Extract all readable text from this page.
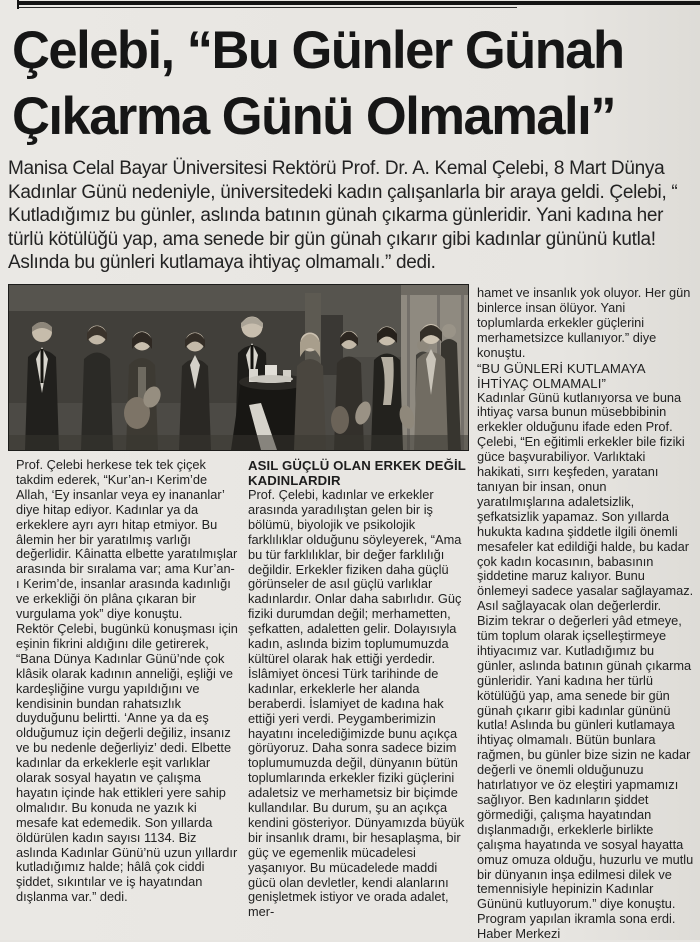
Çelebi, “Bu Günler Günah
Çıkarma Günü Olmamalı”

Manisa Celal Bayar Üniversitesi Rektörü Prof. Dr. A. Kemal Çelebi, 8 Mart Dünya Kadınlar Günü nedeniyle, üniversitedeki kadın çalışanlarla bir araya geldi. Çelebi, “ Kutladığımız bu günler, aslında batının günah çıkarma günleridir. Yani kadına her türlü kötülüğü yap, ama senede bir gün günah çıkarır gibi kadınlar gününü kutla! Aslında bu günleri kutlamaya ihtiyaç olmamalı.” dedi.

Prof. Çelebi herkese tek tek çiçek takdim ederek, “Kur’an-ı Kerim’de Allah, ‘Ey insanlar veya ey inananlar’ diye hitap ediyor. Kadınlar ya da erkeklere ayrı ayrı hitap etmiyor. Bu âlemin her bir yaratılmış varlığı değerlidir. Kâinatta elbette yaratılmışlar arasında bir sıralama var; ama Kur’an-ı Kerim’de, insanlar arasında kadınlığı ve erkekliği ön plâna çıkaran bir vurgulama yok” diye konuştu.

Rektör Çelebi, bugünkü konuşması için eşinin fikrini aldığını dile getirerek, “Bana Dünya Kadınlar Günü’nde çok klâsik olarak kadının anneliği, eşliği ve kardeşliğine vurgu yapıldığını ve kendisinin bundan rahatsızlık duyduğunu belirtti. ‘Anne ya da eş olduğumuz için değerli değiliz, insanız ve bu nedenle değerliyiz’ dedi. Elbette kadınlar da erkeklerle eşit varlıklar olarak sosyal hayatın ve çalışma hayatın içinde hak ettikleri yere sahip olmalıdır. Bu konuda ne yazık ki mesafe kat edemedik. Son yıllarda öldürülen kadın sayısı 1134. Biz aslında Kadınlar Günü’nü uzun yıllardır kutladığımız halde; hâlâ çok ciddi şiddet, sıkıntılar ve iş hayatından dışlanma var.” dedi.

ASIL GÜÇLÜ OLAN ERKEK DEĞİL KADINLARDIR

Prof. Çelebi, kadınlar ve erkekler arasında yaradılıştan gelen bir iş bölümü, biyolojik ve psikolojik farklılıklar olduğunu söyleyerek, “Ama bu tür farklılıklar, bir değer farklılığı değildir. Erkekler fiziken daha güçlü görünseler de asıl güçlü varlıklar kadınlardır. Onlar daha sabırlıdır. Güç fiziki durumdan değil; merhametten, şefkatten, adaletten gelir. Dolayısıyla kadın, aslında bizim toplumumuzda kültürel olarak hak ettiği yerdedir. İslâmiyet öncesi Türk tarihinde de kadınlar, erkeklerle her alanda beraberdi. İslamiyet de kadına hak ettiği yeri verdi. Peygamberimizin hayatını incelediğimizde bunu açıkça görüyoruz. Daha sonra sadece bizim toplumumuzda değil, dünyanın bütün toplumlarında erkekler fiziki güçlerini adaletsiz ve merhametsiz bir biçimde kullandılar. Bu durum, şu an açıkça kendini gösteriyor. Dünyamızda büyük bir insanlık dramı, bir hesaplaşma, bir güç ve egemenlik mücadelesi yaşanıyor. Bu mücadelede maddi gücü olan devletler, kendi alanlarını genişletmek istiyor ve orada adalet, mer-

hamet ve insanlık yok oluyor. Her gün binlerce insan ölüyor. Yani toplumlarda erkekler güçlerini merhametsizce kullanıyor.” diye konuştu.

“BU GÜNLERİ KUTLAMAYA İHTİYAÇ OLMAMALI”

Kadınlar Günü kutlanıyorsa ve buna ihtiyaç varsa bunun müsebbibinin erkekler olduğunu ifade eden Prof. Çelebi, “En eğitimli erkekler bile fiziki güce başvurabiliyor. Varlıktaki hakikati, sırrı keşfeden, yaratanı tanıyan bir insan, onun yaratılmışlarına adaletsizlik, şefkatsizlik yapamaz. Son yıllarda hukukta kadına şiddetle ilgili önemli mesafeler kat edildiği halde, bu kadar çok kadın kocasının, babasının şiddetine maruz kalıyor. Bunu önlemeyi sadece yasalar sağlayamaz. Asıl sağlayacak olan değerlerdir. Bizim tekrar o değerleri yâd etmeye, tüm toplum olarak içselleştirmeye ihtiyacımız var. Kutladığımız bu günler, aslında batının günah çıkarma günleridir. Yani kadına her türlü kötülüğü yap, ama senede bir gün günah çıkarır gibi kadınlar gününü kutla! Aslında bu günleri kutlamaya ihtiyaç olmamalı. Bütün bunlara rağmen, bu günler bize sizin ne kadar değerli ve önemli olduğunuzu hatırlatıyor ve öz eleştiri yapmamızı sağlıyor. Ben kadınların şiddet görmediği, çalışma hayatından dışlanmadığı, erkeklerle birlikte çalışma hayatında ve sosyal hayatta omuz omuza olduğu, huzurlu ve mutlu bir dünyanın inşa edilmesi dilek ve temennisiyle hepinizin Kadınlar Gününü kutluyorum.” diye konuştu. Program yapılan ikramla sona erdi. Haber Merkezi
